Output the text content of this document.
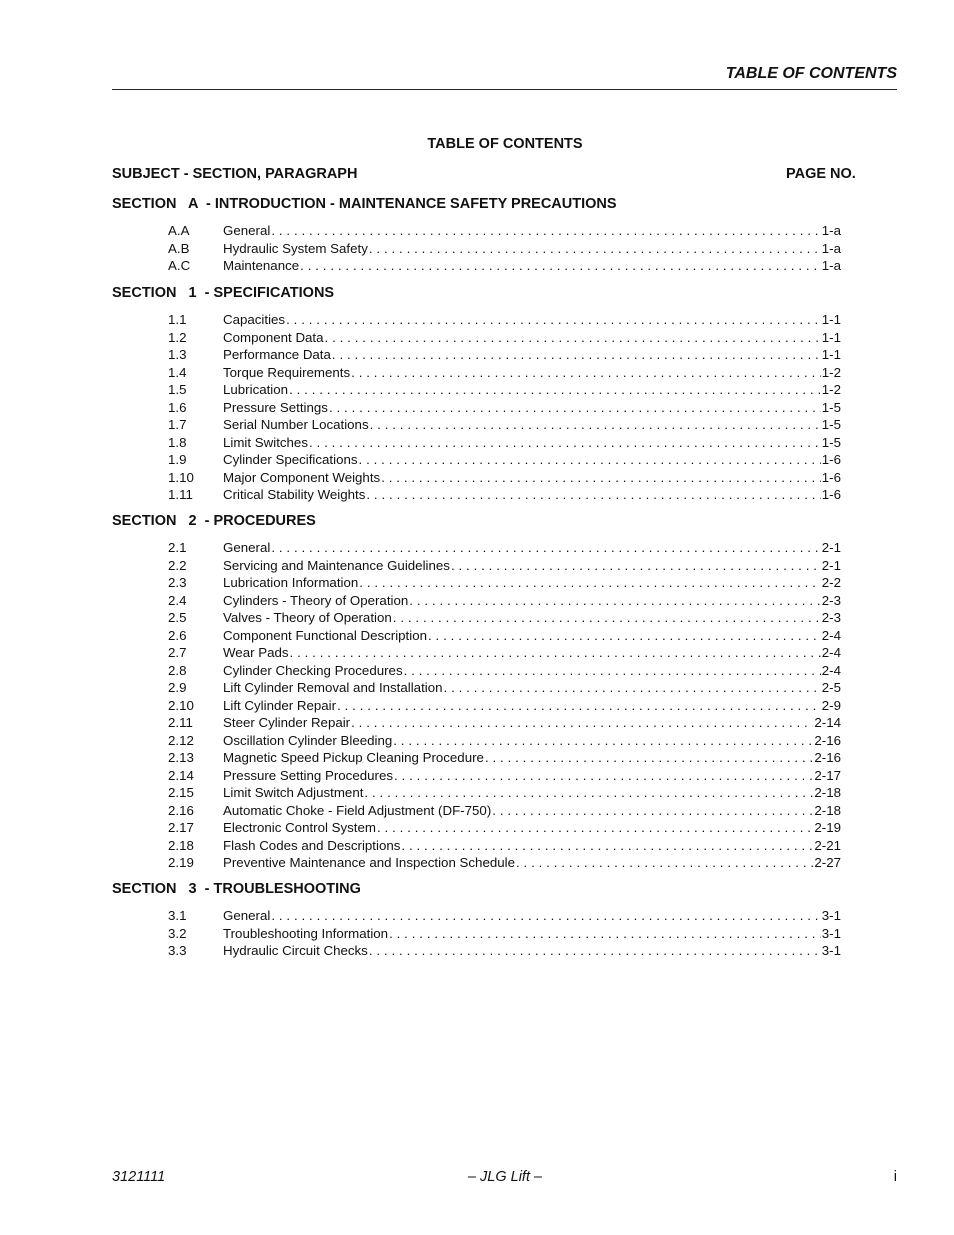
TABLE OF CONTENTS
TABLE OF CONTENTS
SUBJECT - SECTION, PARAGRAPH	PAGE NO.
SECTION   A  - INTRODUCTION - MAINTENANCE SAFETY PRECAUTIONS
A.A	General . . .	1-a
A.B	Hydraulic System Safety . . .	1-a
A.C Maintenance . . .	1-a
SECTION   1  - SPECIFICATIONS
1.1	Capacities . . .	1-1
1.2	Component Data . . .	1-1
1.3	Performance Data . . .	1-1
1.4	Torque Requirements . . .	1-2
1.5	Lubrication . . .	1-2
1.6	Pressure Settings . . .	1-5
1.7	Serial Number Locations . . .	1-5
1.8	Limit Switches . . .	1-5
1.9	Cylinder Specifications . . .	1-6
1.10 Major Component Weights . . .	1-6
1.11 Critical Stability Weights . . .	1-6
SECTION   2  - PROCEDURES
2.1	General . . .	2-1
2.2	Servicing and Maintenance Guidelines . . .	2-1
2.3	Lubrication Information . . .	2-2
2.4	Cylinders - Theory of Operation . . .	2-3
2.5	Valves - Theory of Operation . . .	2-3
2.6	Component Functional Description . . .	2-4
2.7	Wear Pads . . .	2-4
2.8	Cylinder Checking Procedures . . .	2-4
2.9	Lift Cylinder Removal and Installation . . .	2-5
2.10 Lift Cylinder Repair . . .	2-9
2.11 Steer Cylinder Repair . . .	2-14
2.12 Oscillation Cylinder Bleeding . . .	2-16
2.13 Magnetic Speed Pickup Cleaning Procedure . . .	2-16
2.14 Pressure Setting Procedures . . .	2-17
2.15 Limit Switch Adjustment . . .	2-18
2.16 Automatic Choke - Field Adjustment (DF-750) . . .	2-18
2.17 Electronic Control System . . .	2-19
2.18 Flash Codes and Descriptions . . .	2-21
2.19 Preventive Maintenance and Inspection Schedule . . .	2-27
SECTION   3  - TROUBLESHOOTING
3.1	General . . .	3-1
3.2	Troubleshooting Information . . .	3-1
3.3	Hydraulic Circuit Checks . . .	3-1
3121111	– JLG Lift –	i
